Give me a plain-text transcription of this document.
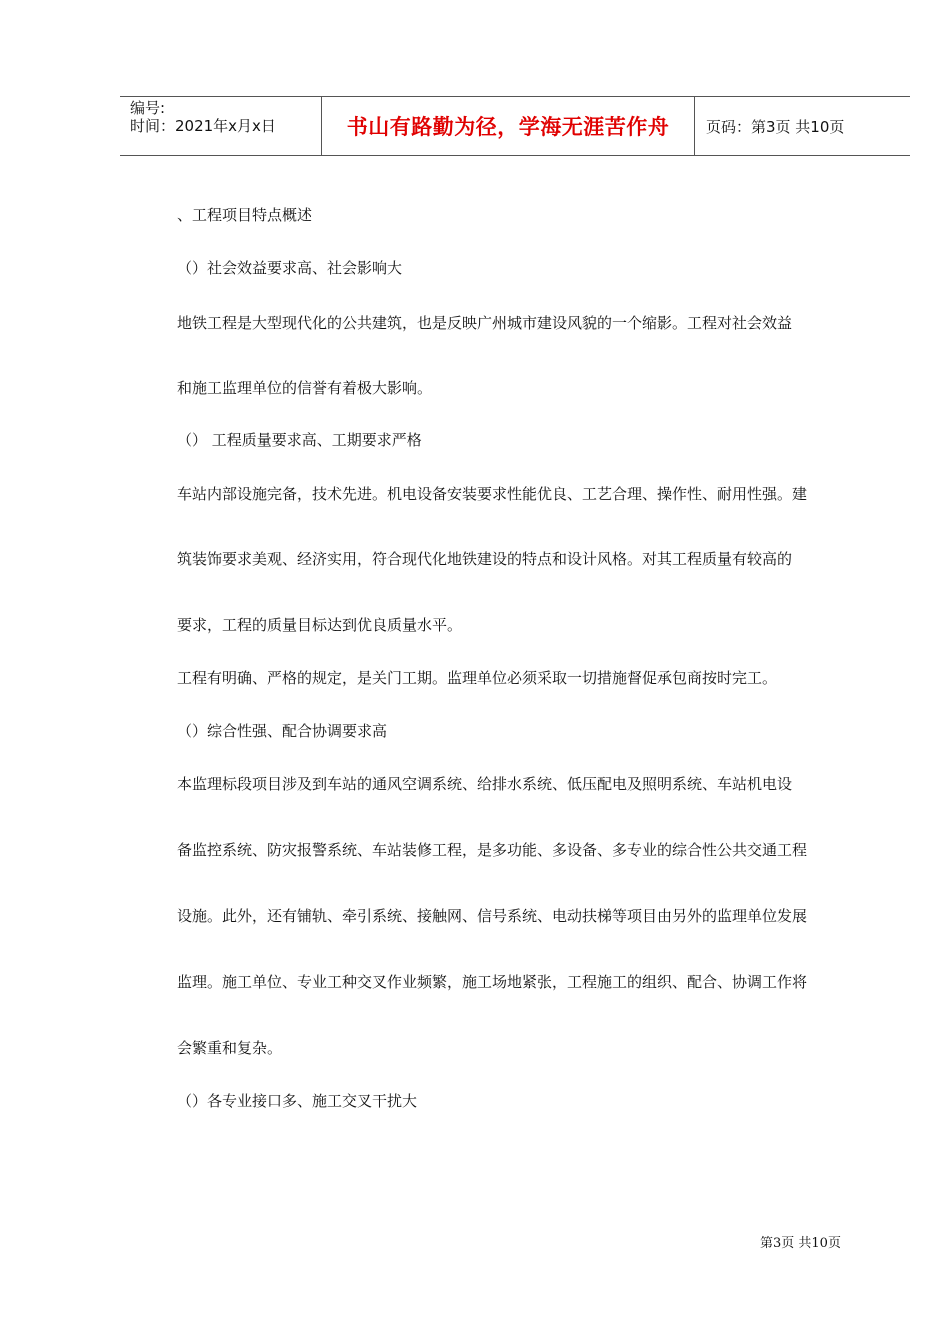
编号:
时间：2021年x月x日	书山有路勤为径，学海无涯苦作舟	页码：第3页 共10页
、工程项目特点概述
（）社会效益要求高、社会影响大
地铁工程是大型现代化的公共建筑，也是反映广州城市建设风貌的一个缩影。工程对社会效益
和施工监理单位的信誉有着极大影响。
（） 工程质量要求高、工期要求严格
车站内部设施完备，技术先进。机电设备安装要求性能优良、工艺合理、操作性、耐用性强。建
筑装饰要求美观、经济实用，符合现代化地铁建设的特点和设计风格。对其工程质量有较高的
要求，工程的质量目标达到优良质量水平。
工程有明确、严格的规定，是关门工期。监理单位必须采取一切措施督促承包商按时完工。
（）综合性强、配合协调要求高
本监理标段项目涉及到车站的通风空调系统、给排水系统、低压配电及照明系统、车站机电设
备监控系统、防灾报警系统、车站装修工程，是多功能、多设备、多专业的综合性公共交通工程
设施。此外，还有铺轨、牵引系统、接触网、信号系统、电动扶梯等项目由另外的监理单位发展
监理。施工单位、专业工种交叉作业频繁，施工场地紧张，工程施工的组织、配合、协调工作将
会繁重和复杂。
（）各专业接口多、施工交叉干扰大
第3页 共10页
